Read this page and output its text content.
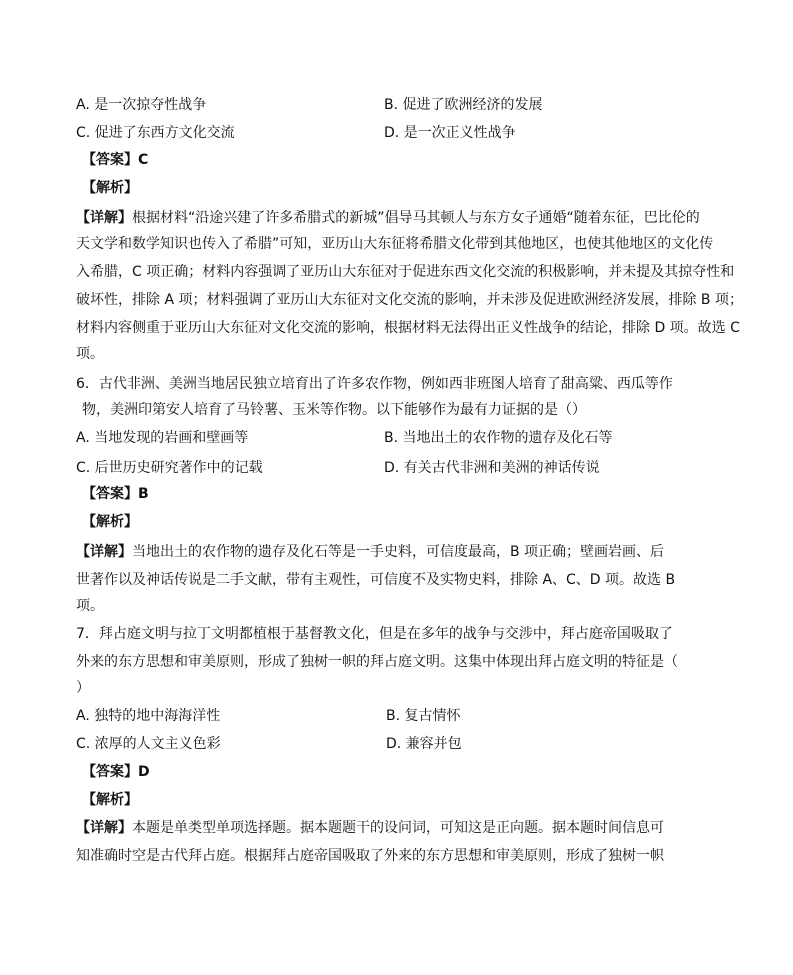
A. 是一次掠夺性战争	B. 促进了欧洲经济的发展
C. 促进了东西方文化交流	D. 是一次正义性战争
【答案】C
【解析】
【详解】根据材料“沿途兴建了许多希腊式的新城”倡导马其顿人与东方女子通婚“随着东征，巴比伦的
天文学和数学知识也传入了希腊”可知，亚历山大东征将希腊文化带到其他地区，也使其他地区的文化传
入希腊，C 项正确；材料内容强调了亚历山大东征对于促进东西文化交流的积极影响，并未提及其掠夺性和
破坏性，排除 A 项；材料强调了亚历山大东征对文化交流的影响，并未涉及促进欧洲经济发展，排除 B 项；
材料内容侧重于亚历山大东征对文化交流的影响，根据材料无法得出正义性战争的结论，排除 D 项。故选 C
项。
6．古代非洲、美洲当地居民独立培育出了许多农作物，例如西非班图人培育了甜高粱、西瓜等作
物，美洲印第安人培育了马铃薯、玉米等作物。以下能够作为最有力证据的是（）
A. 当地发现的岩画和壁画等	B. 当地出土的农作物的遗存及化石等
C. 后世历史研究著作中的记载	D. 有关古代非洲和美洲的神话传说
【答案】B
【解析】
【详解】当地出土的农作物的遗存及化石等是一手史料，可信度最高，B 项正确；壁画岩画、后
世著作以及神话传说是二手文献，带有主观性，可信度不及实物史料，排除 A、C、D 项。故选 B
项。
7．拜占庭文明与拉丁文明都植根于基督教文化，但是在多年的战争与交涉中，拜占庭帝国吸取了
外来的东方思想和审美原则，形成了独树一帜的拜占庭文明。这集中体现出拜占庭文明的特征是（
）
A. 独特的地中海海洋性	B. 复古情怀
C. 浓厚的人文主义色彩	D. 兼容并包
【答案】D
【解析】
【详解】本题是单类型单项选择题。据本题题干的设问词，可知这是正向题。据本题时间信息可
知准确时空是古代拜占庭。根据拜占庭帝国吸取了外来的东方思想和审美原则，形成了独树一帜
